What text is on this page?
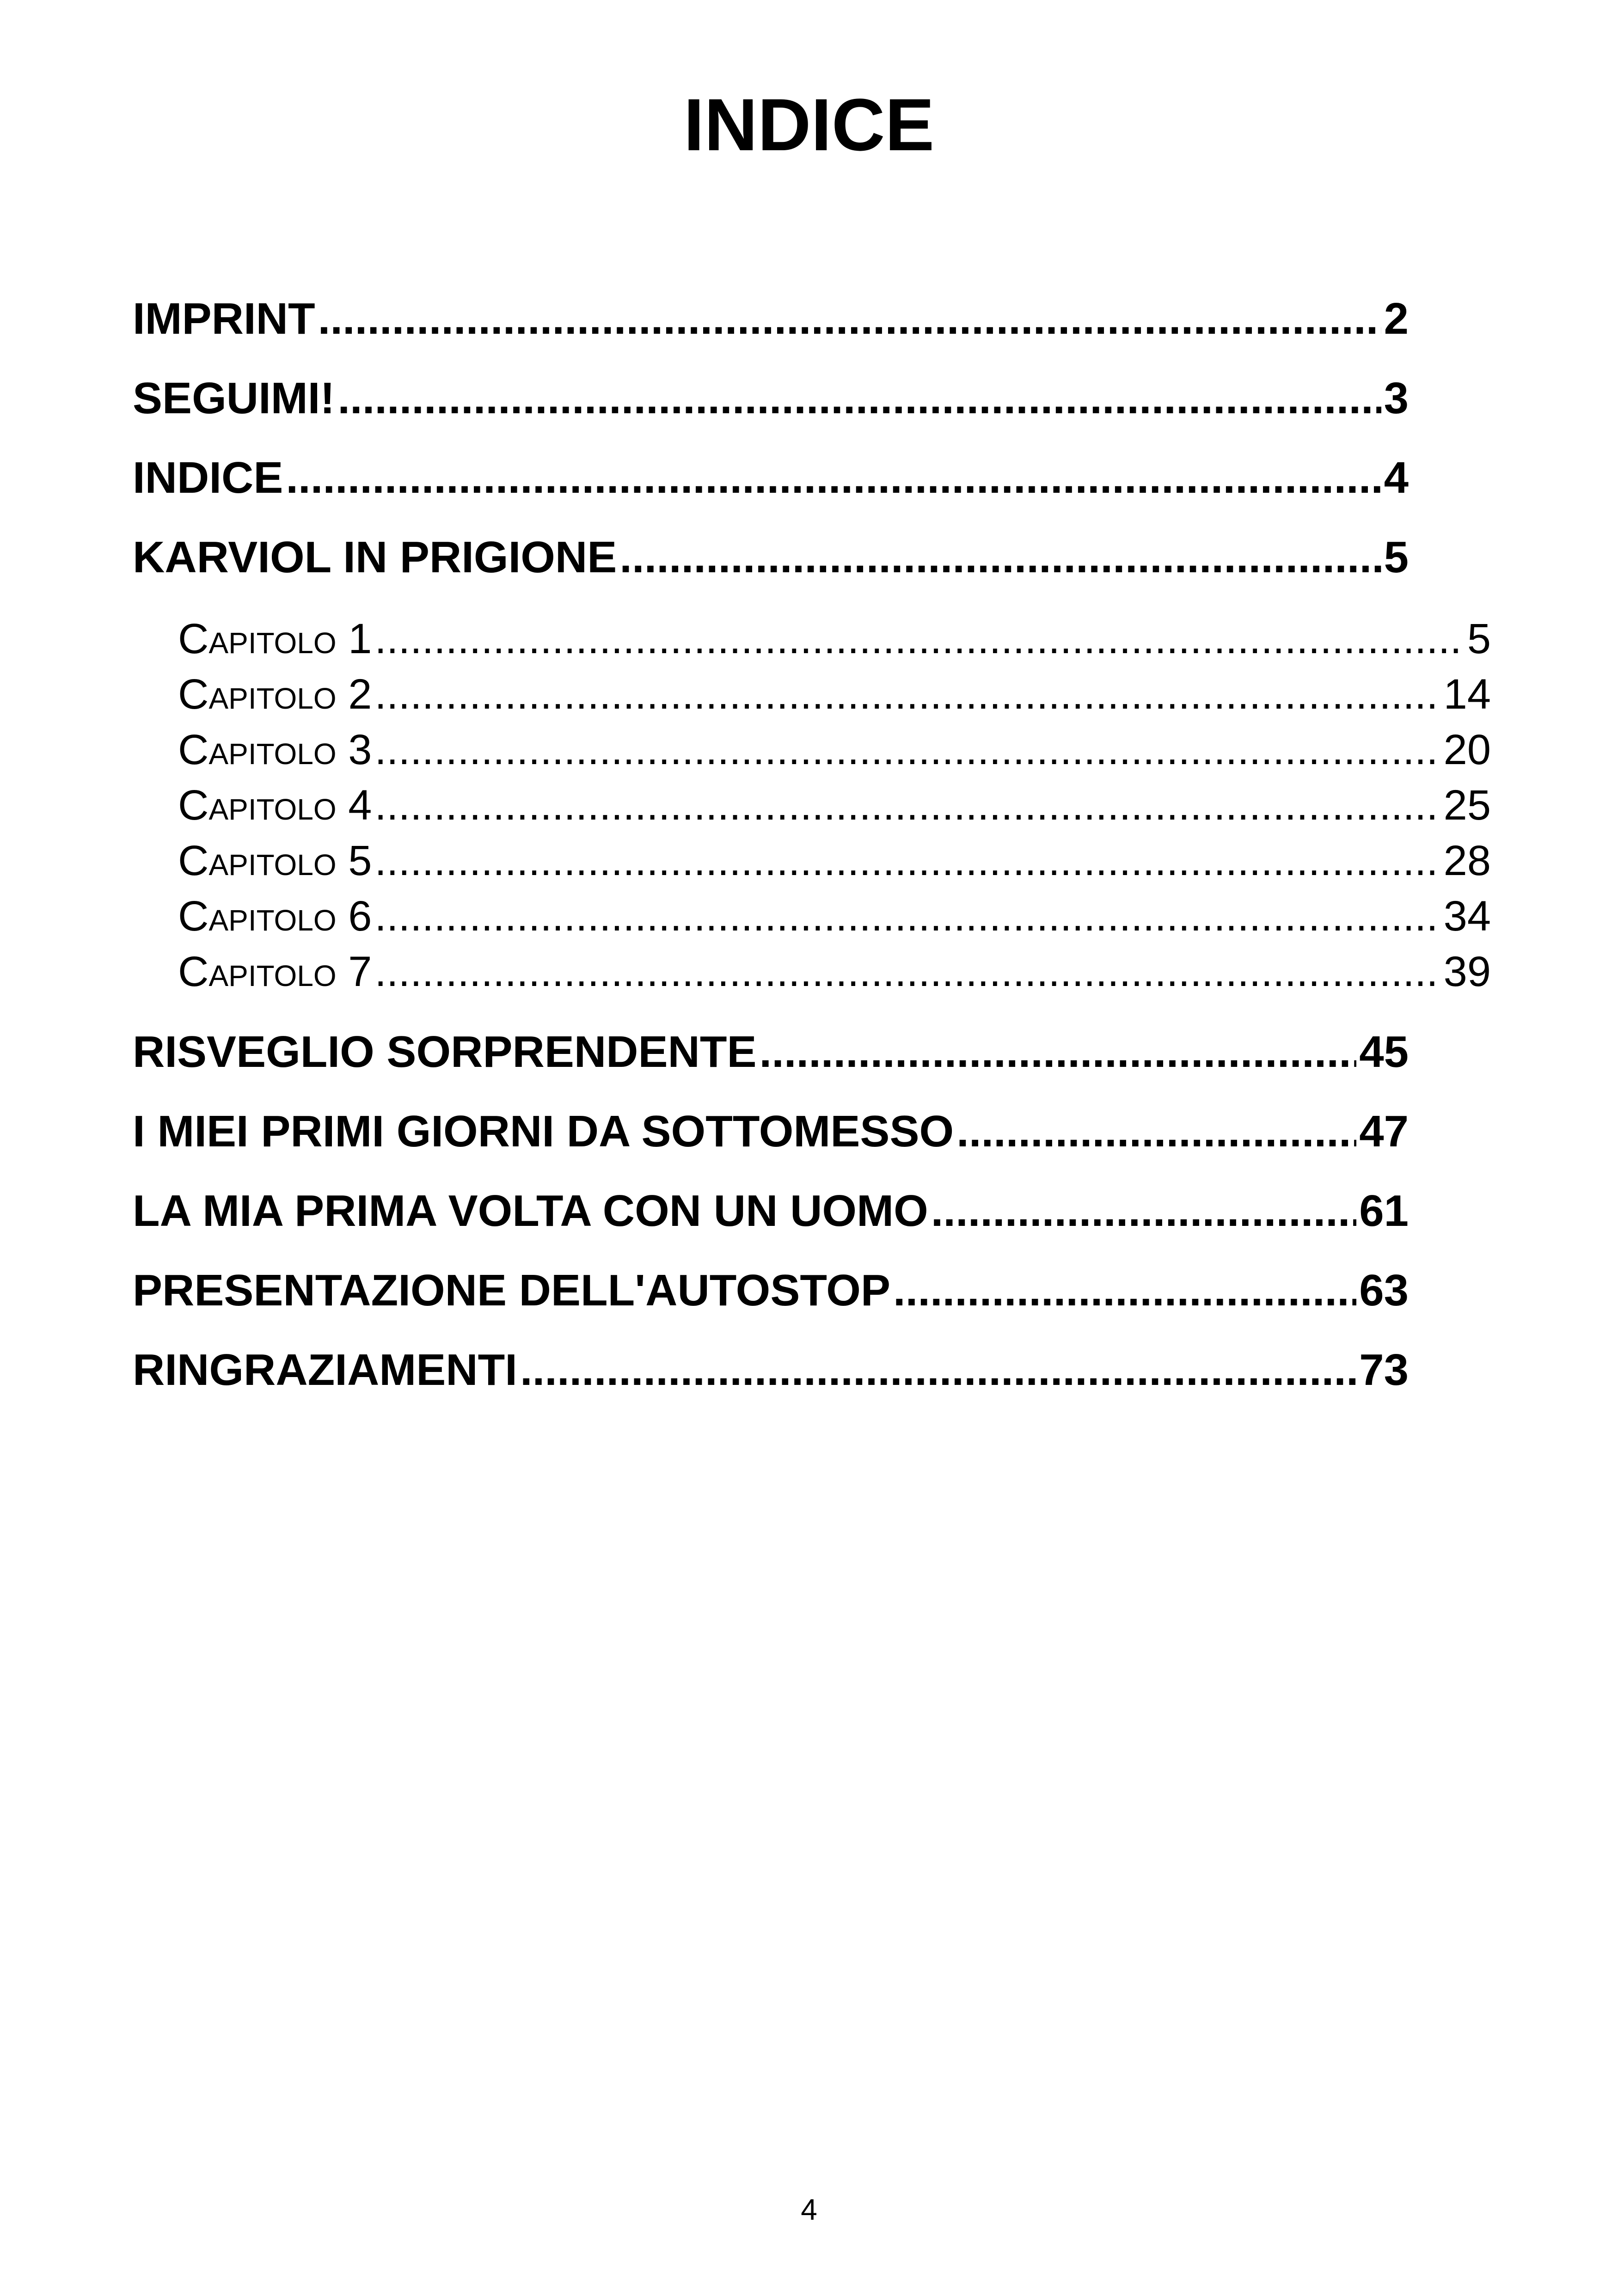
INDICE
IMPRINT .....	2
SEGUIMI! .....	3
INDICE .....	4
KARVIOL IN PRIGIONE .....	5
Capitolo 1 .....	5
Capitolo 2 .....	14
Capitolo 3 .....	20
Capitolo 4 .....	25
Capitolo 5 .....	28
Capitolo 6 .....	34
Capitolo 7 .....	39
RISVEGLIO SORPRENDENTE .....	45
I MIEI PRIMI GIORNI DA SOTTOMESSO .....	47
LA MIA PRIMA VOLTA CON UN UOMO .....	61
PRESENTAZIONE DELL'AUTOSTOP .....	63
RINGRAZIAMENTI .....	73
4
